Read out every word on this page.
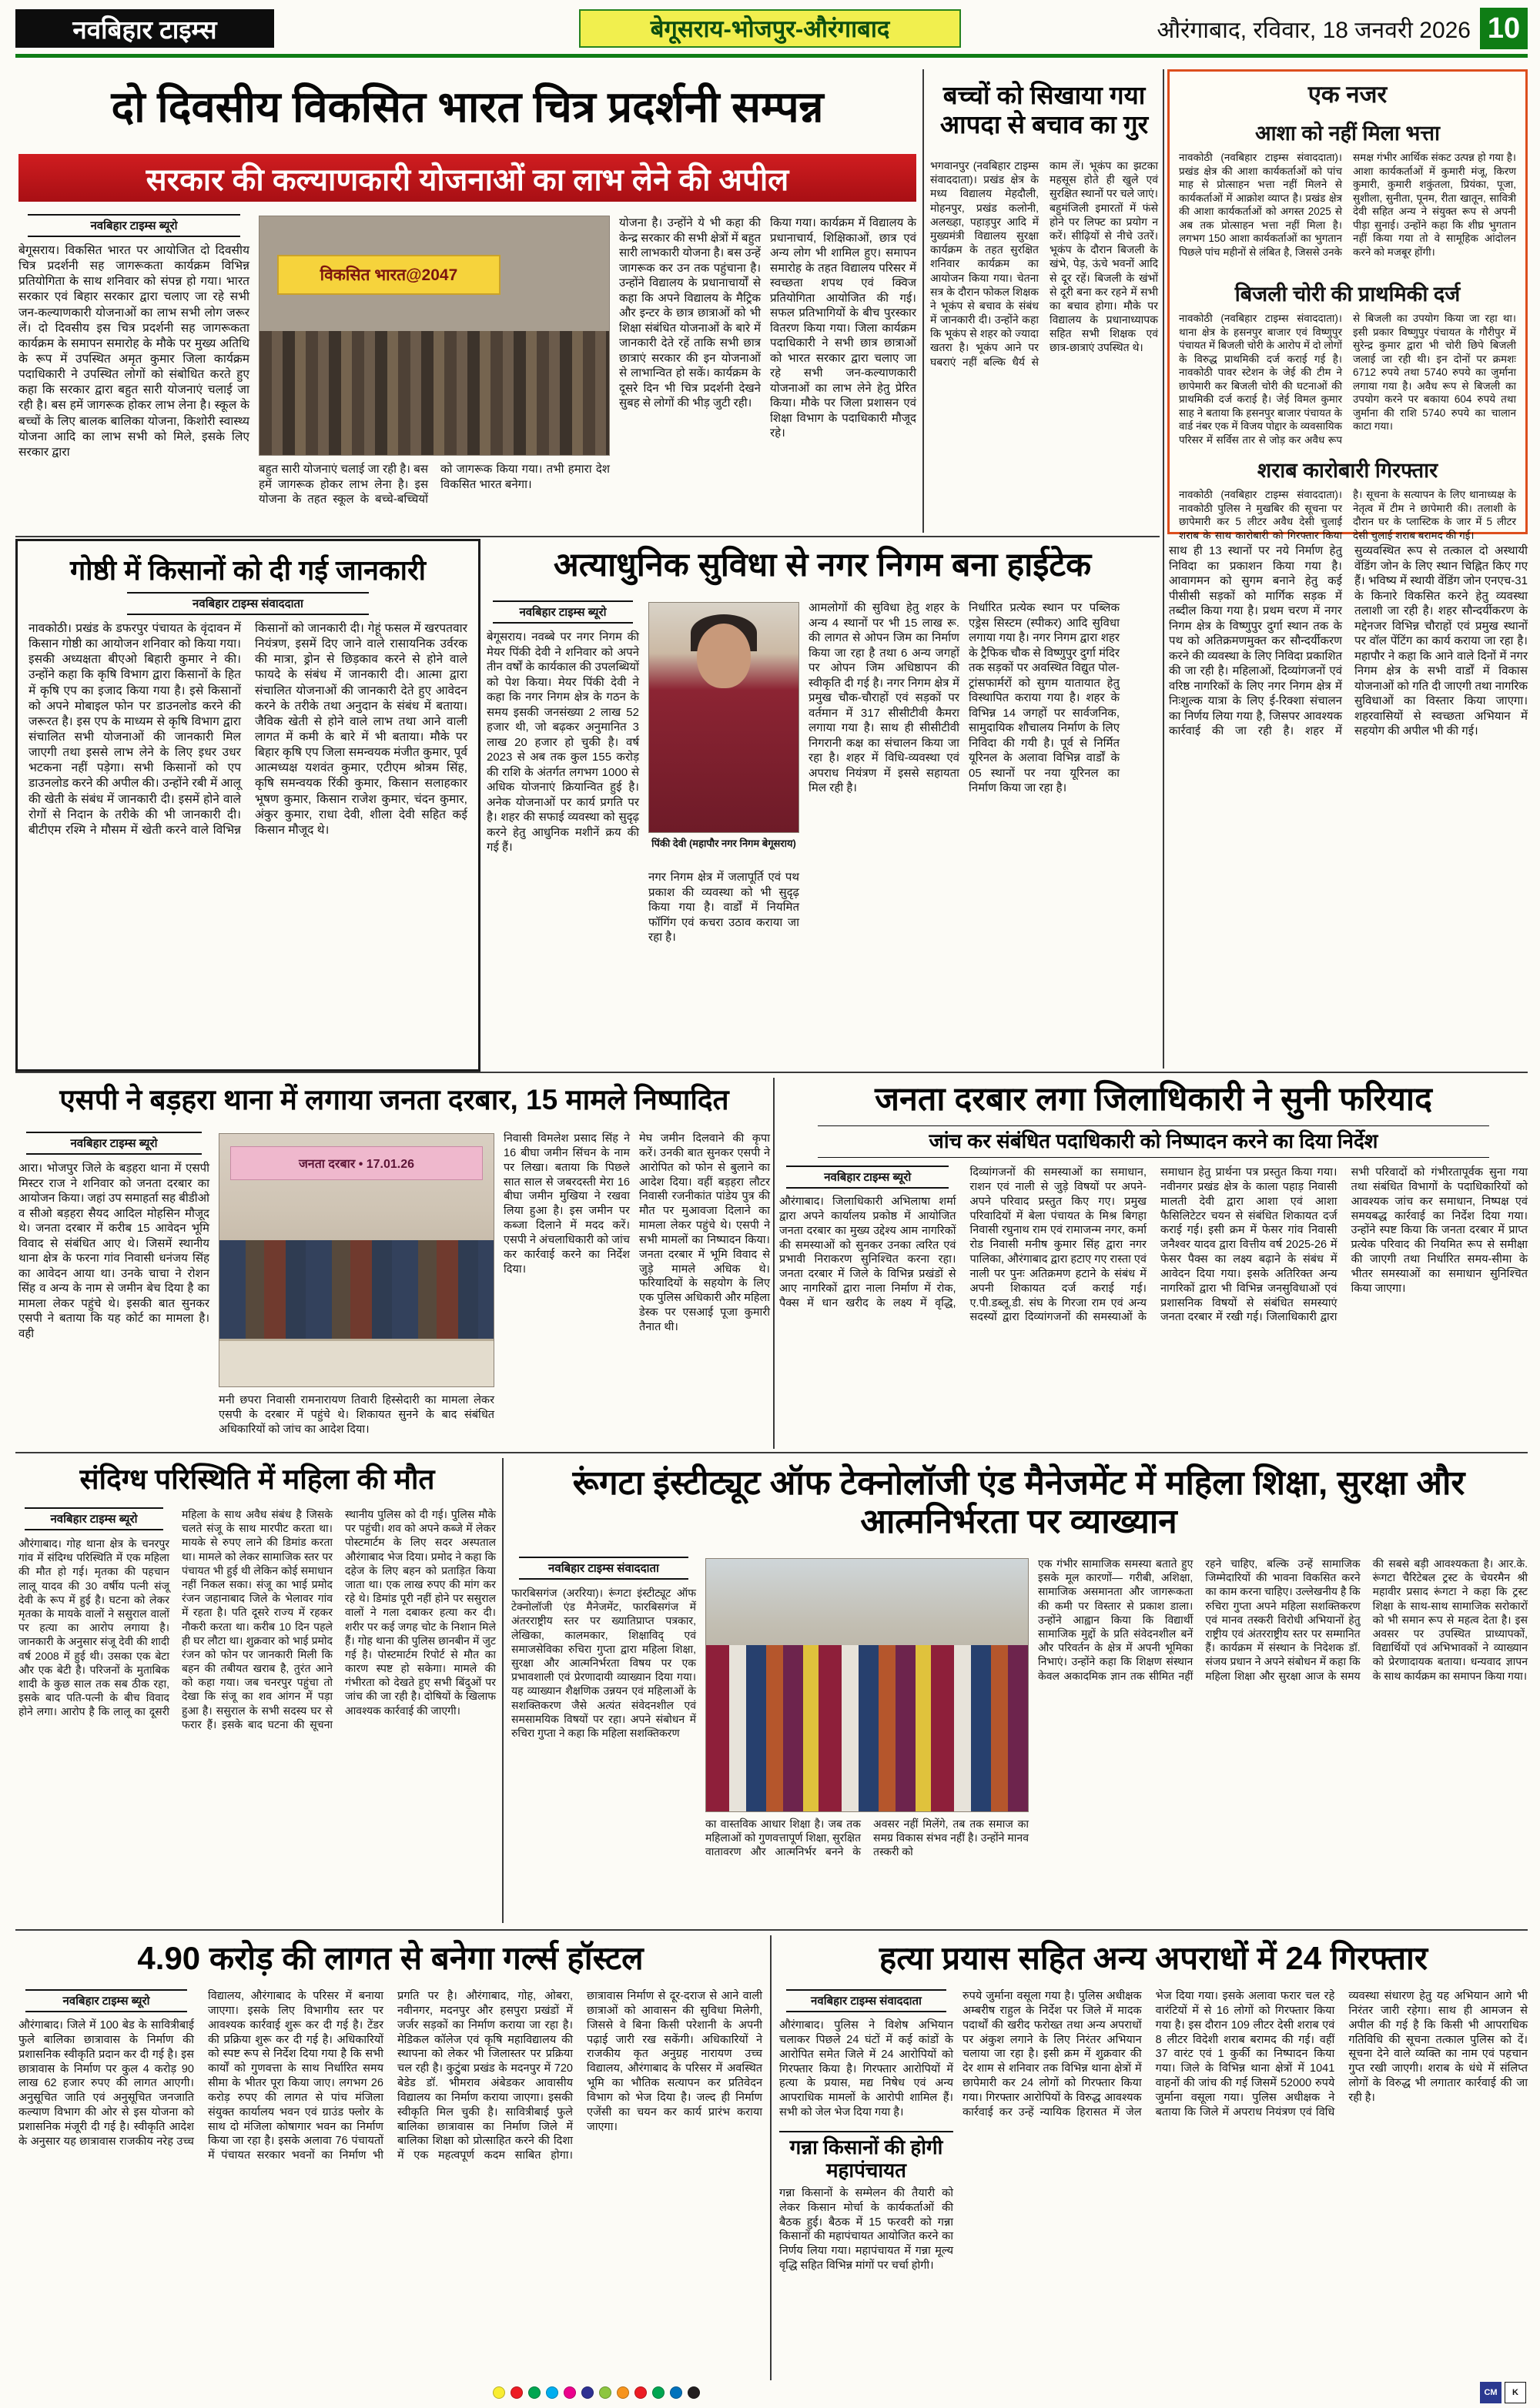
नवबिहार टाइम्स	बेगूसराय-भोजपुर-औरंगाबाद	औरंगाबाद, रविवार, 18 जनवरी 2026 10
दो दिवसीय विकसित भारत चित्र प्रदर्शनी सम्पन्न
सरकार की कल्याणकारी योजनाओं का लाभ लेने की अपील
नवबिहार टाइम्स ब्यूरो
बेगूसराय। विकसित भारत पर आयोजित दो दिवसीय चित्र प्रदर्शनी सह जागरूकता कार्यक्रम विभिन्न प्रतियोगिता के साथ शनिवार को संपन्न हो गया। भारत सरकार एवं बिहार सरकार द्वारा चलाए जा रहे सभी जन-कल्याणकारी योजनाओं का लाभ सभी लोग जरूर लें। दो दिवसीय इस चित्र प्रदर्शनी सह जागरूकता कार्यक्रम के समापन समारोह के मौके पर मुख्य अतिथि के रूप में उपस्थित अमृत कुमार जिला कार्यक्रम पदाधिकारी ने उपस्थित लोगों को संबोधित करते हुए कहा कि सरकार द्वारा बहुत सारी योजनाएं चलाई जा रही है। बस हमें जागरूक होकर लाभ लेना है। स्कूल के बच्चों के लिए बालक बालिका योजना, किशोरी स्वास्थ्य योजना आदि का लाभ सभी को मिले, इसके लिए सरकार द्वारा
विकसित भारत@2047
बहुत सारी योजनाएं चलाई जा रही है। बस हमें जागरूक होकर लाभ लेना है। इस योजना के तहत स्कूल के बच्चे-बच्चियों को जागरूक किया गया। तभी हमारा देश विकसित भारत बनेगा।
योजना है। उन्होंने ये भी कहा की केन्द्र सरकार की सभी क्षेत्रों में बहुत सारी लाभकारी योजना है। बस उन्हें जागरूक कर उन तक पहुंचाना है। उन्होंने विद्यालय के प्रधानाचार्यों से कहा कि अपने विद्यालय के मैट्रिक और इन्टर के छात्र छात्राओं को भी शिक्षा संबंधित योजनाओं के बारे में जानकारी देते रहें ताकि सभी छात्र छात्राएं सरकार की इन योजनाओं से लाभान्वित हो सकें। कार्यक्रम के दूसरे दिन भी चित्र प्रदर्शनी देखने सुबह से लोगों की भीड़ जुटी रही।
किया गया। कार्यक्रम में विद्यालय के प्रधानाचार्य, शिक्षिकाओं, छात्र एवं अन्य लोग भी शामिल हुए। समापन समारोह के तहत विद्यालय परिसर में स्वच्छता शपथ एवं क्विज प्रतियोगिता आयोजित की गई। सफल प्रतिभागियों के बीच पुरस्कार वितरण किया गया। जिला कार्यक्रम पदाधिकारी ने सभी छात्र छात्राओं को भारत सरकार द्वारा चलाए जा रहे सभी जन-कल्याणकारी योजनाओं का लाभ लेने हेतु प्रेरित किया। मौके पर जिला प्रशासन एवं शिक्षा विभाग के पदाधिकारी मौजूद रहे।
बच्चों को सिखाया गया आपदा से बचाव का गुर
भगवानपुर (नवबिहार टाइम्स संवाददाता)। प्रखंड क्षेत्र के मध्य विद्यालय मेहदौली, मोहनपुर, प्रखंड कलोनी, अलख्हा, पहाड़पुर आदि में मुख्यमंत्री विद्यालय सुरक्षा कार्यक्रम के तहत सुरक्षित शनिवार कार्यक्रम का आयोजन किया गया। चेतना सत्र के दौरान फोकल शिक्षक ने भूकंप से बचाव के संबंध में जानकारी दी। उन्होंने कहा कि भूकंप से शहर को ज्यादा खतरा है। भूकंप आने पर घबराएं नहीं बल्कि धैर्य से काम लें। भूकंप का झटका महसूस होते ही खुले एवं सुरक्षित स्थानों पर चले जाएं। बहुमंजिली इमारतों में फंसे होने पर लिफ्ट का प्रयोग न करें। सीढ़ियों से नीचे उतरें। भूकंप के दौरान बिजली के खंभे, पेड़, ऊंचे भवनों आदि से दूर रहें। बिजली के खंभों से दूरी बना कर रहने में सभी का बचाव होगा। मौके पर विद्यालय के प्रधानाध्यापक सहित सभी शिक्षक एवं छात्र-छात्राएं उपस्थित थे।
एक नजर
आशा को नहीं मिला भत्ता
नावकोठी (नवबिहार टाइम्स संवाददाता)। प्रखंड क्षेत्र की आशा कार्यकर्ताओं को पांच माह से प्रोत्साहन भत्ता नहीं मिलने से कार्यकर्ताओं में आक्रोश व्याप्त है। प्रखंड क्षेत्र की आशा कार्यकर्ताओं को अगस्त 2025 से अब तक प्रोत्साहन भत्ता नहीं मिला है। लगभग 150 आशा कार्यकर्ताओं का भुगतान पिछले पांच महीनों से लंबित है, जिससे उनके समक्ष गंभीर आर्थिक संकट उत्पन्न हो गया है। आशा कार्यकर्ताओं में कुमारी मंजू, किरण कुमारी, कुमारी शकुंतला, प्रियंका, पूजा, सुशीला, सुनीता, पूनम, रीता खातून, सावित्री देवी सहित अन्य ने संयुक्त रूप से अपनी पीड़ा सुनाई। उन्होंने कहा कि शीघ्र भुगतान नहीं किया गया तो वे सामूहिक आंदोलन करने को मजबूर होंगी।
बिजली चोरी की प्राथमिकी दर्ज
नावकोठी (नवबिहार टाइम्स संवाददाता)। थाना क्षेत्र के हसनपुर बाजार एवं विष्णुपुर पंचायत में बिजली चोरी के आरोप में दो लोगों के विरुद्ध प्राथमिकी दर्ज कराई गई है। नावकोठी पावर स्टेशन के जेई की टीम ने छापेमारी कर बिजली चोरी की घटनाओं की प्राथमिकी दर्ज कराई है। जेई विमल कुमार साह ने बताया कि हसनपुर बाजार पंचायत के वार्ड नंबर एक में विजय पोद्दार के व्यवसायिक परिसर में सर्विस तार से जोड़ कर अवैध रूप से बिजली का उपयोग किया जा रहा था। इसी प्रकार विष्णुपुर पंचायत के गौरीपुर में सुरेन्द्र कुमार द्वारा भी चोरी छिपे बिजली जलाई जा रही थी। इन दोनों पर क्रमशः 6712 रुपये तथा 5740 रुपये का जुर्माना लगाया गया है। अवैध रूप से बिजली का उपयोग करने पर बकाया 604 रुपये तथा जुर्माना की राशि 5740 रुपये का चालान काटा गया।
शराब कारोबारी गिरफ्तार
नावकोठी (नवबिहार टाइम्स संवाददाता)। नावकोठी पुलिस ने मुखबिर की सूचना पर छापेमारी कर 5 लीटर अवैध देसी चुलाई शराब के साथ कारोबारी को गिरफ्तार किया है। सूचना के सत्यापन के लिए थानाध्यक्ष के नेतृत्व में टीम ने छापेमारी की। तलाशी के दौरान घर के प्लास्टिक के जार में 5 लीटर देसी चुलाई शराब बरामद की गई।
गोष्ठी में किसानों को दी गई जानकारी
नवबिहार टाइम्स संवाददाता
नावकोठी। प्रखंड के डफरपुर पंचायत के वृंदावन में किसान गोष्ठी का आयोजन शनिवार को किया गया। इसकी अध्यक्षता बीएओ बिहारी कुमार ने की। उन्होंने कहा कि कृषि विभाग द्वारा किसानों के हित में कृषि एप का इजाद किया गया है। इसे किसानों को अपने मोबाइल फोन पर डाउनलोड करने की जरूरत है। इस एप के माध्यम से कृषि विभाग द्वारा संचालित सभी योजनाओं की जानकारी मिल जाएगी तथा इससे लाभ लेने के लिए इधर उधर भटकना नहीं पड़ेगा। सभी किसानों को एप डाउनलोड करने की अपील की। उन्होंने रबी में आलू की खेती के संबंध में जानकारी दी। इसमें होने वाले रोगों से निदान के तरीके की भी जानकारी दी। बीटीएम रश्मि ने मौसम में खेती करने वाले विभिन्न किसानों को जानकारी दी। गेहूं फसल में खरपतवार नियंत्रण, इसमें दिए जाने वाले रासायनिक उर्वरक की मात्रा, ड्रोन से छिड़काव करने से होने वाले फायदे के संबंध में जानकारी दी। आत्मा द्वारा संचालित योजनाओं की जानकारी देते हुए आवेदन करने के तरीके तथा अनुदान के संबंध में बताया। जैविक खेती से होने वाले लाभ तथा आने वाली लागत में कमी के बारे में भी बताया। मौके पर बिहार कृषि एप जिला समन्वयक मंजीत कुमार, पूर्व आत्मध्यक्ष यशवंत कुमार, एटीएम श्रोत्रम सिंह, कृषि समन्वयक रिंकी कुमार, किसान सलाहकार भूषण कुमार, किसान राजेश कुमार, चंदन कुमार, अंकुर कुमार, राधा देवी, शीला देवी सहित कई किसान मौजूद थे।
अत्याधुनिक सुविधा से नगर निगम बना हाईटेक
नवबिहार टाइम्स ब्यूरो
बेगूसराय। नवब्बे पर नगर निगम की मेयर पिंकी देवी ने शनिवार को अपने तीन वर्षों के कार्यकाल की उपलब्धियों को पेश किया। मेयर पिंकी देवी ने कहा कि नगर निगम क्षेत्र के गठन के समय इसकी जनसंख्या 2 लाख 52 हजार थी, जो बढ़कर अनुमानित 3 लाख 20 हजार हो चुकी है। वर्ष 2023 से अब तक कुल 155 करोड़ की राशि के अंतर्गत लगभग 1000 से अधिक योजनाएं क्रियान्वित हुई है। अनेक योजनाओं पर कार्य प्रगति पर है। शहर की सफाई व्यवस्था को सुदृढ़ करने हेतु आधुनिक मशीनें क्रय की गई हैं।	पिंकी देवी (महापौर नगर निगम बेगूसराय)
नगर निगम क्षेत्र में जलापूर्ति एवं पथ प्रकाश की व्यवस्था को भी सुदृढ़ किया गया है। वार्डों में नियमित फॉगिंग एवं कचरा उठाव कराया जा रहा है।
आमलोगों की सुविधा हेतु शहर के अन्य 4 स्थानों पर भी 15 लाख रू. की लागत से ओपन जिम का निर्माण किया जा रहा है तथा 6 अन्य जगहों पर ओपन जिम अधिष्ठापन की स्वीकृति दी गई है। नगर निगम क्षेत्र में प्रमुख चौक-चौराहों एवं सड़कों पर वर्तमान में 317 सीसीटीवी कैमरा लगाया गया है। साथ ही सीसीटीवी निगरानी कक्ष का संचालन किया जा रहा है। शहर में विधि-व्यवस्था एवं अपराध नियंत्रण में इससे सहायता मिल रही है।
निर्धारित प्रत्येक स्थान पर पब्लिक एड्रेस सिस्टम (स्पीकर) आदि सुविधा लगाया गया है। नगर निगम द्वारा शहर के ट्रैफिक चौक से विष्णुपुर दुर्गा मंदिर तक सड़कों पर अवस्थित विद्युत पोल-ट्रांसफार्मरों को सुगम यातायात हेतु विस्थापित कराया गया है। शहर के विभिन्न 14 जगहों पर सार्वजनिक, सामुदायिक शौचालय निर्माण के लिए निविदा की गयी है। पूर्व से निर्मित यूरिनल के अलावा विभिन्न वार्डों के 05 स्थानों पर नया यूरिनल का निर्माण किया जा रहा है।
साथ ही 13 स्थानों पर नये निर्माण हेतु निविदा का प्रकाशन किया गया है। आवागमन को सुगम बनाने हेतु कई पीसीसी सड़कों को मार्गिक सड़क में तब्दील किया गया है। प्रथम चरण में नगर निगम क्षेत्र के विष्णुपुर दुर्गा स्थान तक के पथ को अतिक्रमणमुक्त कर सौन्दर्यीकरण करने की व्यवस्था के लिए निविदा प्रकाशित की जा रही है। महिलाओं, दिव्यांगजनों एवं वरिष्ठ नागरिकों के लिए नगर निगम क्षेत्र में निःशुल्क यात्रा के लिए ई-रिक्शा संचालन का निर्णय लिया गया है, जिसपर आवश्यक कार्रवाई की जा रही है। शहर में सुव्यवस्थित रूप से तत्काल दो अस्थायी वेंडिंग जोन के लिए स्थान चिह्नित किए गए हैं। भविष्य में स्थायी वेंडिंग जोन एनएच-31 के किनारे विकसित करने हेतु व्यवस्था तलाशी जा रही है। शहर सौन्दर्यीकरण के मद्देनजर विभिन्न चौराहों एवं प्रमुख स्थानों पर वॉल पेंटिंग का कार्य कराया जा रहा है। महापौर ने कहा कि आने वाले दिनों में नगर निगम क्षेत्र के सभी वार्डों में विकास योजनाओं को गति दी जाएगी तथा नागरिक सुविधाओं का विस्तार किया जाएगा। शहरवासियों से स्वच्छता अभियान में सहयोग की अपील भी की गई।
एसपी ने बड़हरा थाना में लगाया जनता दरबार, 15 मामले निष्पादित
नवबिहार टाइम्स ब्यूरो
आरा। भोजपुर जिले के बड़हरा थाना में एसपी मिस्टर राज ने शनिवार को जनता दरबार का आयोजन किया। जहां उप समाहर्ता सह बीडीओ व सीओ बड़हरा सैयद आदिल मोहसिन मौजूद थे। जनता दरबार में करीब 15 आवेदन भूमि विवाद से संबंधित आए थे। जिसमें स्थानीय थाना क्षेत्र के फरना गांव निवासी धनंजय सिंह का आवेदन आया था। उनके चाचा ने रोशन सिंह व अन्य के नाम से जमीन बेच दिया है का मामला लेकर पहुंचे थे। इसकी बात सुनकर एसपी ने बताया कि यह कोर्ट का मामला है। वही
जनता दरबार • 17.01.26
मनी छपरा निवासी रामनारायण तिवारी हिस्सेदारी का मामला लेकर एसपी के दरबार में पहुंचे थे। शिकायत सुनने के बाद संबंधित अधिकारियों को जांच का आदेश दिया।
निवासी विमलेश प्रसाद सिंह ने 16 बीघा जमीन सिंचन के नाम पर लिखा। बताया कि पिछले सात साल से जबरदस्ती मेरा 16 बीघा जमीन मुखिया ने रखवा लिया हुआ है। इस जमीन पर कब्जा दिलाने में मदद करें। एसपी ने अंचलाधिकारी को जांच कर कार्रवाई करने का निर्देश दिया।
मेघ जमीन दिलवाने की कृपा करें। उनकी बात सुनकर एसपी ने आरोपित को फोन से बुलाने का आदेश दिया। वहीं बड़हरा लौटर निवासी रजनीकांत पांडेय पुत्र की मौत पर मुआवजा दिलाने का मामला लेकर पहुंचे थे। एसपी ने सभी मामलों का निष्पादन किया। जनता दरबार में भूमि विवाद से जुड़े मामले अधिक थे। फरियादियों के सहयोग के लिए एक पुलिस अधिकारी और महिला डेस्क पर एसआई पूजा कुमारी तैनात थी।
जनता दरबार लगा जिलाधिकारी ने सुनी फरियाद
जांच कर संबंधित पदाधिकारी को निष्पादन करने का दिया निर्देश
नवबिहार टाइम्स ब्यूरो
औरंगाबाद। जिलाधिकारी अभिलाषा शर्मा द्वारा अपने कार्यालय प्रकोष्ठ में आयोजित जनता दरबार का मुख्य उद्देश्य आम नागरिकों की समस्याओं को सुनकर उनका त्वरित एवं प्रभावी निराकरण सुनिश्चित करना रहा। जनता दरबार में जिले के विभिन्न प्रखंडों से आए नागरिकों द्वारा नाला निर्माण में रोक, पैक्स में धान खरीद के लक्ष्य में वृद्धि, दिव्यांगजनों की समस्याओं का समाधान, राशन एवं नाली से जुड़े विषयों पर अपने-अपने परिवाद प्रस्तुत किए गए। प्रमुख परिवादियों में बेला पंचायत के मिश्र बिगहा निवासी रघुनाथ राम एवं रामाजन्म नगर, कर्मा रोड निवासी मनीष कुमार सिंह द्वारा नगर पालिका, औरंगाबाद द्वारा हटाए गए रास्ता एवं नाली पर पुनः अतिक्रमण हटाने के संबंध में अपनी शिकायत दर्ज कराई गई। ए.पी.डब्लू.डी. संघ के गिरजा राम एवं अन्य सदस्यों द्वारा दिव्यांगजनों की समस्याओं के समाधान हेतु प्रार्थना पत्र प्रस्तुत किया गया। नवीनगर प्रखंड क्षेत्र के काला पहाड़ निवासी मालती देवी द्वारा आशा एवं आशा फैसिलिटेटर चयन से संबंधित शिकायत दर्ज कराई गई। इसी क्रम में फेसर गांव निवासी जनैश्वर यादव द्वारा वित्तीय वर्ष 2025-26 में फेसर पैक्स का लक्ष्य बढ़ाने के संबंध में आवेदन दिया गया। इसके अतिरिक्त अन्य नागरिकों द्वारा भी विभिन्न जनसुविधाओं एवं प्रशासनिक विषयों से संबंधित समस्याएं जनता दरबार में रखी गई। जिलाधिकारी द्वारा सभी परिवादों को गंभीरतापूर्वक सुना गया तथा संबंधित विभागों के पदाधिकारियों को आवश्यक जांच कर समाधान, निष्पक्ष एवं समयबद्ध कार्रवाई का निर्देश दिया गया। उन्होंने स्पष्ट किया कि जनता दरबार में प्राप्त प्रत्येक परिवाद की नियमित रूप से समीक्षा की जाएगी तथा निर्धारित समय-सीमा के भीतर समस्याओं का समाधान सुनिश्चित किया जाएगा।
संदिग्ध परिस्थिति में महिला की मौत
नवबिहार टाइम्स ब्यूरो
औरंगाबाद। गोह थाना क्षेत्र के चनरपुर गांव में संदिग्ध परिस्थिति में एक महिला की मौत हो गई। मृतका की पहचान लालू यादव की 30 वर्षीय पत्नी संजू देवी के रूप में हुई है। घटना को लेकर मृतका के मायके वालों ने ससुराल वालों पर हत्या का आरोप लगाया है। जानकारी के अनुसार संजू देवी की शादी वर्ष 2008 में हुई थी। उसका एक बेटा और एक बेटी है। परिजनों के मुताबिक शादी के कुछ साल तक सब ठीक रहा, इसके बाद पति-पत्नी के बीच विवाद होने लगा। आरोप है कि लालू का दूसरी महिला के साथ अवैध संबंध है जिसके चलते संजू के साथ मारपीट करता था। मायके से रुपए लाने की डिमांड करता था। मामले को लेकर सामाजिक स्तर पर पंचायत भी हुई थी लेकिन कोई समाधान नहीं निकल सका। संजू का भाई प्रमोद रंजन जहानाबाद जिले के भेलावर गांव में रहता है। पति दूसरे राज्य में रहकर नौकरी करता था। करीब 10 दिन पहले ही घर लौटा था। शुक्रवार को भाई प्रमोद रंजन को फोन पर जानकारी मिली कि बहन की तबीयत खराब है, तुरंत आने को कहा गया। जब चनरपुर पहुंचा तो देखा कि संजू का शव आंगन में पड़ा हुआ है। ससुराल के सभी सदस्य घर से फरार हैं। इसके बाद घटना की सूचना स्थानीय पुलिस को दी गई। पुलिस मौके पर पहुंची। शव को अपने कब्जे में लेकर पोस्टमार्टम के लिए सदर अस्पताल औरंगाबाद भेज दिया। प्रमोद ने कहा कि दहेज के लिए बहन को प्रताड़ित किया जाता था। एक लाख रुपए की मांग कर रहे थे। डिमांड पूरी नहीं होने पर ससुराल वालों ने गला दबाकर हत्या कर दी। शरीर पर कई जगह चोट के निशान मिले हैं। गोह थाना की पुलिस छानबीन में जुट गई है। पोस्टमार्टम रिपोर्ट से मौत का कारण स्पष्ट हो सकेगा। मामले की गंभीरता को देखते हुए सभी बिंदुओं पर जांच की जा रही है। दोषियों के खिलाफ आवश्यक कार्रवाई की जाएगी।
रूंगटा इंस्टीट्यूट ऑफ टेक्नोलॉजी एंड मैनेजमेंट में महिला शिक्षा, सुरक्षा और आत्मनिर्भरता पर व्याख्यान
नवबिहार टाइम्स संवाददाता
फारबिसगंज (अररिया)। रूंगटा इंस्टीट्यूट ऑफ टेक्नोलॉजी एंड मैनेजमेंट, फारबिसगंज में अंतरराष्ट्रीय स्तर पर ख्यातिप्राप्त पत्रकार, लेखिका, कालमकार, शिक्षाविद् एवं समाजसेविका रुचिरा गुप्ता द्वारा महिला शिक्षा, सुरक्षा और आत्मनिर्भरता विषय पर एक प्रभावशाली एवं प्रेरणादायी व्याख्यान दिया गया। यह व्याख्यान शैक्षणिक उन्नयन एवं महिलाओं के सशक्तिकरण जैसे अत्यंत संवेदनशील एवं समसामयिक विषयों पर रहा। अपने संबोधन में रुचिरा गुप्ता ने कहा कि महिला सशक्तिकरण
का वास्तविक आधार शिक्षा है। जब तक महिलाओं को गुणवत्तापूर्ण शिक्षा, सुरक्षित वातावरण और आत्मनिर्भर बनने के अवसर नहीं मिलेंगे, तब तक समाज का समग्र विकास संभव नहीं है। उन्होंने मानव तस्करी को
एक गंभीर सामाजिक समस्या बताते हुए इसके मूल कारणों— गरीबी, अशिक्षा, सामाजिक असमानता और जागरूकता की कमी पर विस्तार से प्रकाश डाला। उन्होंने आह्वान किया कि विद्यार्थी सामाजिक मुद्दों के प्रति संवेदनशील बनें और परिवर्तन के क्षेत्र में अपनी भूमिका निभाएं। उन्होंने कहा कि शिक्षण संस्थान केवल अकादमिक ज्ञान तक सीमित नहीं रहने चाहिए, बल्कि उन्हें सामाजिक जिम्मेदारियों की भावना विकसित करने का काम करना चाहिए। उल्लेखनीय है कि रुचिरा गुप्ता अपने महिला सशक्तिकरण एवं मानव तस्करी विरोधी अभियानों हेतु राष्ट्रीय एवं अंतरराष्ट्रीय स्तर पर सम्मानित हैं। कार्यक्रम में संस्थान के निदेशक डॉ. संजय प्रधान ने अपने संबोधन में कहा कि महिला शिक्षा और सुरक्षा आज के समय की सबसे बड़ी आवश्यकता है। आर.के. रूंगटा चैरिटेबल ट्रस्ट के चेयरमैन श्री महावीर प्रसाद रूंगटा ने कहा कि ट्रस्ट शिक्षा के साथ-साथ सामाजिक सरोकारों को भी समान रूप से महत्व देता है। इस अवसर पर उपस्थित प्राध्यापकों, विद्यार्थियों एवं अभिभावकों ने व्याख्यान को प्रेरणादायक बताया। धन्यवाद ज्ञापन के साथ कार्यक्रम का समापन किया गया।
4.90 करोड़ की लागत से बनेगा गर्ल्स हॉस्टल
नवबिहार टाइम्स ब्यूरो
औरंगाबाद। जिले में 100 बेड के सावित्रीबाई फुले बालिका छात्रावास के निर्माण की प्रशासनिक स्वीकृति प्रदान कर दी गई है। इस छात्रावास के निर्माण पर कुल 4 करोड़ 90 लाख 62 हजार रुपए की लागत आएगी। अनुसूचित जाति एवं अनुसूचित जनजाति कल्याण विभाग की ओर से इस योजना को प्रशासनिक मंजूरी दी गई है। स्वीकृति आदेश के अनुसार यह छात्रावास राजकीय नरेह उच्च विद्यालय, औरंगाबाद के परिसर में बनाया जाएगा। इसके लिए विभागीय स्तर पर आवश्यक कार्रवाई शुरू कर दी गई है। टेंडर की प्रक्रिया शुरू कर दी गई है। अधिकारियों को स्पष्ट रूप से निर्देश दिया गया है कि सभी कार्यों को गुणवत्ता के साथ निर्धारित समय सीमा के भीतर पूरा किया जाए। लगभग 26 करोड़ रुपए की लागत से पांच मंजिला संयुक्त कार्यालय भवन एवं ग्राउंड फ्लोर के साथ दो मंजिला कोषागार भवन का निर्माण किया जा रहा है। इसके अलावा 76 पंचायतों में पंचायत सरकार भवनों का निर्माण भी प्रगति पर है। औरंगाबाद, गोह, ओबरा, नवीनगर, मदनपुर और हसपुरा प्रखंडों में जर्जर सड़कों का निर्माण कराया जा रहा है। मेडिकल कॉलेज एवं कृषि महाविद्यालय की स्थापना को लेकर भी जिलास्तर पर प्रक्रिया चल रही है। कुटुंबा प्रखंड के मदनपुर में 720 बेडेड डॉ. भीमराव अंबेडकर आवासीय विद्यालय का निर्माण कराया जाएगा। इसकी स्वीकृति मिल चुकी है। सावित्रीबाई फुले बालिका छात्रावास का निर्माण जिले में बालिका शिक्षा को प्रोत्साहित करने की दिशा में एक महत्वपूर्ण कदम साबित होगा। छात्रावास निर्माण से दूर-दराज से आने वाली छात्राओं को आवासन की सुविधा मिलेगी, जिससे वे बिना किसी परेशानी के अपनी पढ़ाई जारी रख सकेंगी। अधिकारियों ने राजकीय कृत अनुग्रह नारायण उच्च विद्यालय, औरंगाबाद के परिसर में अवस्थित भूमि का भौतिक सत्यापन कर प्रतिवेदन विभाग को भेज दिया है। जल्द ही निर्माण एजेंसी का चयन कर कार्य प्रारंभ कराया जाएगा।
हत्या प्रयास सहित अन्य अपराधों में 24 गिरफ्तार
नवबिहार टाइम्स संवाददाता
औरंगाबाद। पुलिस ने विशेष अभियान चलाकर पिछले 24 घंटों में कई कांडों के आरोपित समेत जिले में 24 आरोपियों को गिरफ्तार किया है। गिरफ्तार आरोपियों में हत्या के प्रयास, मद्य निषेध एवं अन्य आपराधिक मामलों के आरोपी शामिल हैं। सभी को जेल भेज दिया गया है।
गन्ना किसानों की होगी महापंचायत
गन्ना किसानों के सम्मेलन की तैयारी को लेकर किसान मोर्चा के कार्यकर्ताओं की बैठक हुई। बैठक में 15 फरवरी को गन्ना किसानों की महापंचायत आयोजित करने का निर्णय लिया गया। महापंचायत में गन्ना मूल्य वृद्धि सहित विभिन्न मांगों पर चर्चा होगी।
रुपये जुर्माना वसूला गया है। पुलिस अधीक्षक अम्बरीष राहुल के निर्देश पर जिले में मादक पदार्थों की खरीद फरोख्त तथा अन्य अपराधों पर अंकुश लगाने के लिए निरंतर अभियान चलाया जा रहा है। इसी क्रम में शुक्रवार की देर शाम से शनिवार तक विभिन्न थाना क्षेत्रों में छापेमारी कर 24 लोगों को गिरफ्तार किया गया। गिरफ्तार आरोपियों के विरुद्ध आवश्यक कार्रवाई कर उन्हें न्यायिक हिरासत में जेल भेज दिया गया। इसके अलावा फरार चल रहे वारंटियों में से 16 लोगों को गिरफ्तार किया गया है। इस दौरान 109 लीटर देसी शराब एवं 8 लीटर विदेशी शराब बरामद की गई। वहीं 37 वारंट एवं 1 कुर्की का निष्पादन किया गया। जिले के विभिन्न थाना क्षेत्रों में 1041 वाहनों की जांच की गई जिसमें 52000 रुपये जुर्माना वसूला गया। पुलिस अधीक्षक ने बताया कि जिले में अपराध नियंत्रण एवं विधि व्यवस्था संधारण हेतु यह अभियान आगे भी निरंतर जारी रहेगा। साथ ही आमजन से अपील की गई है कि किसी भी आपराधिक गतिविधि की सूचना तत्काल पुलिस को दें। सूचना देने वाले व्यक्ति का नाम एवं पहचान गुप्त रखी जाएगी। शराब के धंधे में संलिप्त लोगों के विरुद्ध भी लगातार कार्रवाई की जा रही है।
CM	K
